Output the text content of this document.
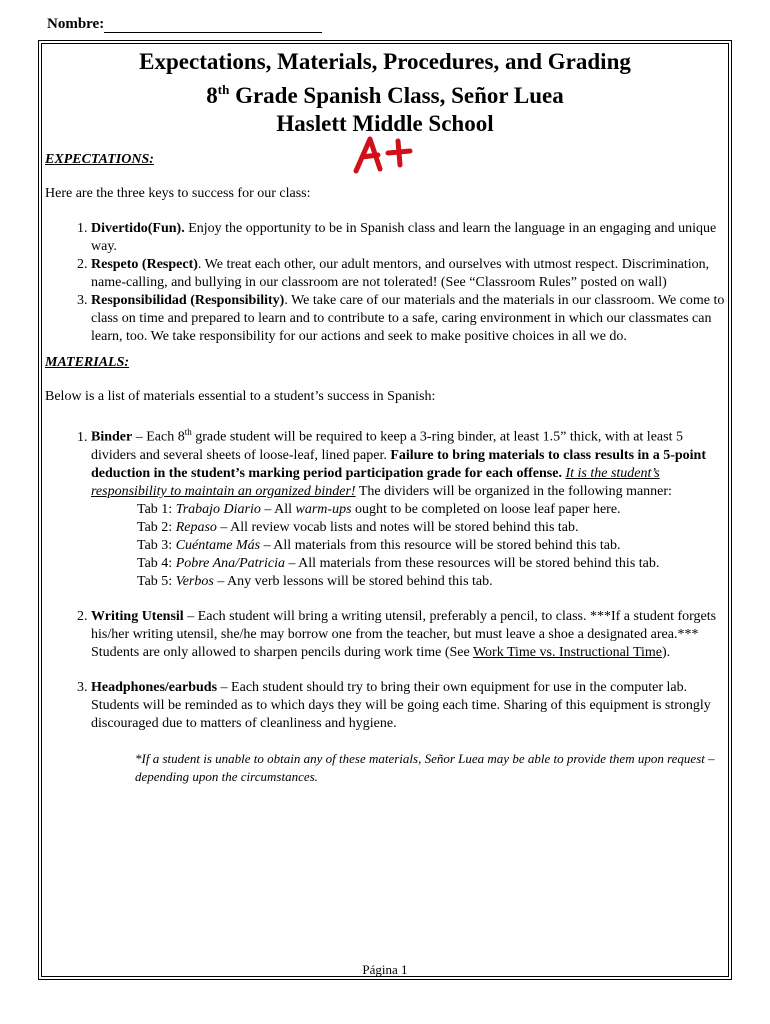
Nombre:
Expectations, Materials, Procedures, and Grading
8th Grade Spanish Class, Señor Luea
Haslett Middle School
EXPECTATIONS:

Here are the three keys to success for our class:

1. Divertido(Fun). Enjoy the opportunity to be in Spanish class and learn the language in an engaging and unique way.
2. Respeto (Respect). We treat each other, our adult mentors, and ourselves with utmost respect. Discrimination, name-calling, and bullying in our classroom are not tolerated! (See “Classroom Rules” posted on wall)
3. Responsibilidad (Responsibility). We take care of our materials and the materials in our classroom. We come to class on time and prepared to learn and to contribute to a safe, caring environment in which our classmates can learn, too. We take responsibility for our actions and seek to make positive choices in all we do.
MATERIALS:

Below is a list of materials essential to a student’s success in Spanish:

1. Binder – Each 8th grade student will be required to keep a 3-ring binder, at least 1.5” thick, with at least 5 dividers and several sheets of loose-leaf, lined paper. Failure to bring materials to class results in a 5-point deduction in the student’s marking period participation grade for each offense. It is the student’s responsibility to maintain an organized binder! The dividers will be organized in the following manner:
Tab 1: Trabajo Diario – All warm-ups ought to be completed on loose leaf paper here.
Tab 2: Repaso – All review vocab lists and notes will be stored behind this tab.
Tab 3: Cuéntame Más – All materials from this resource will be stored behind this tab.
Tab 4: Pobre Ana/Patricia – All materials from these resources will be stored behind this tab.
Tab 5: Verbos – Any verb lessons will be stored behind this tab.
2. Writing Utensil – Each student will bring a writing utensil, preferably a pencil, to class. ***If a student forgets his/her writing utensil, she/he may borrow one from the teacher, but must leave a shoe a designated area.*** Students are only allowed to sharpen pencils during work time (See Work Time vs. Instructional Time).
3. Headphones/earbuds – Each student should try to bring their own equipment for use in the computer lab. Students will be reminded as to which days they will be going each time. Sharing of this equipment is strongly discouraged due to matters of cleanliness and hygiene.
*If a student is unable to obtain any of these materials, Señor Luea may be able to provide them upon request – depending upon the circumstances.
Página 1
